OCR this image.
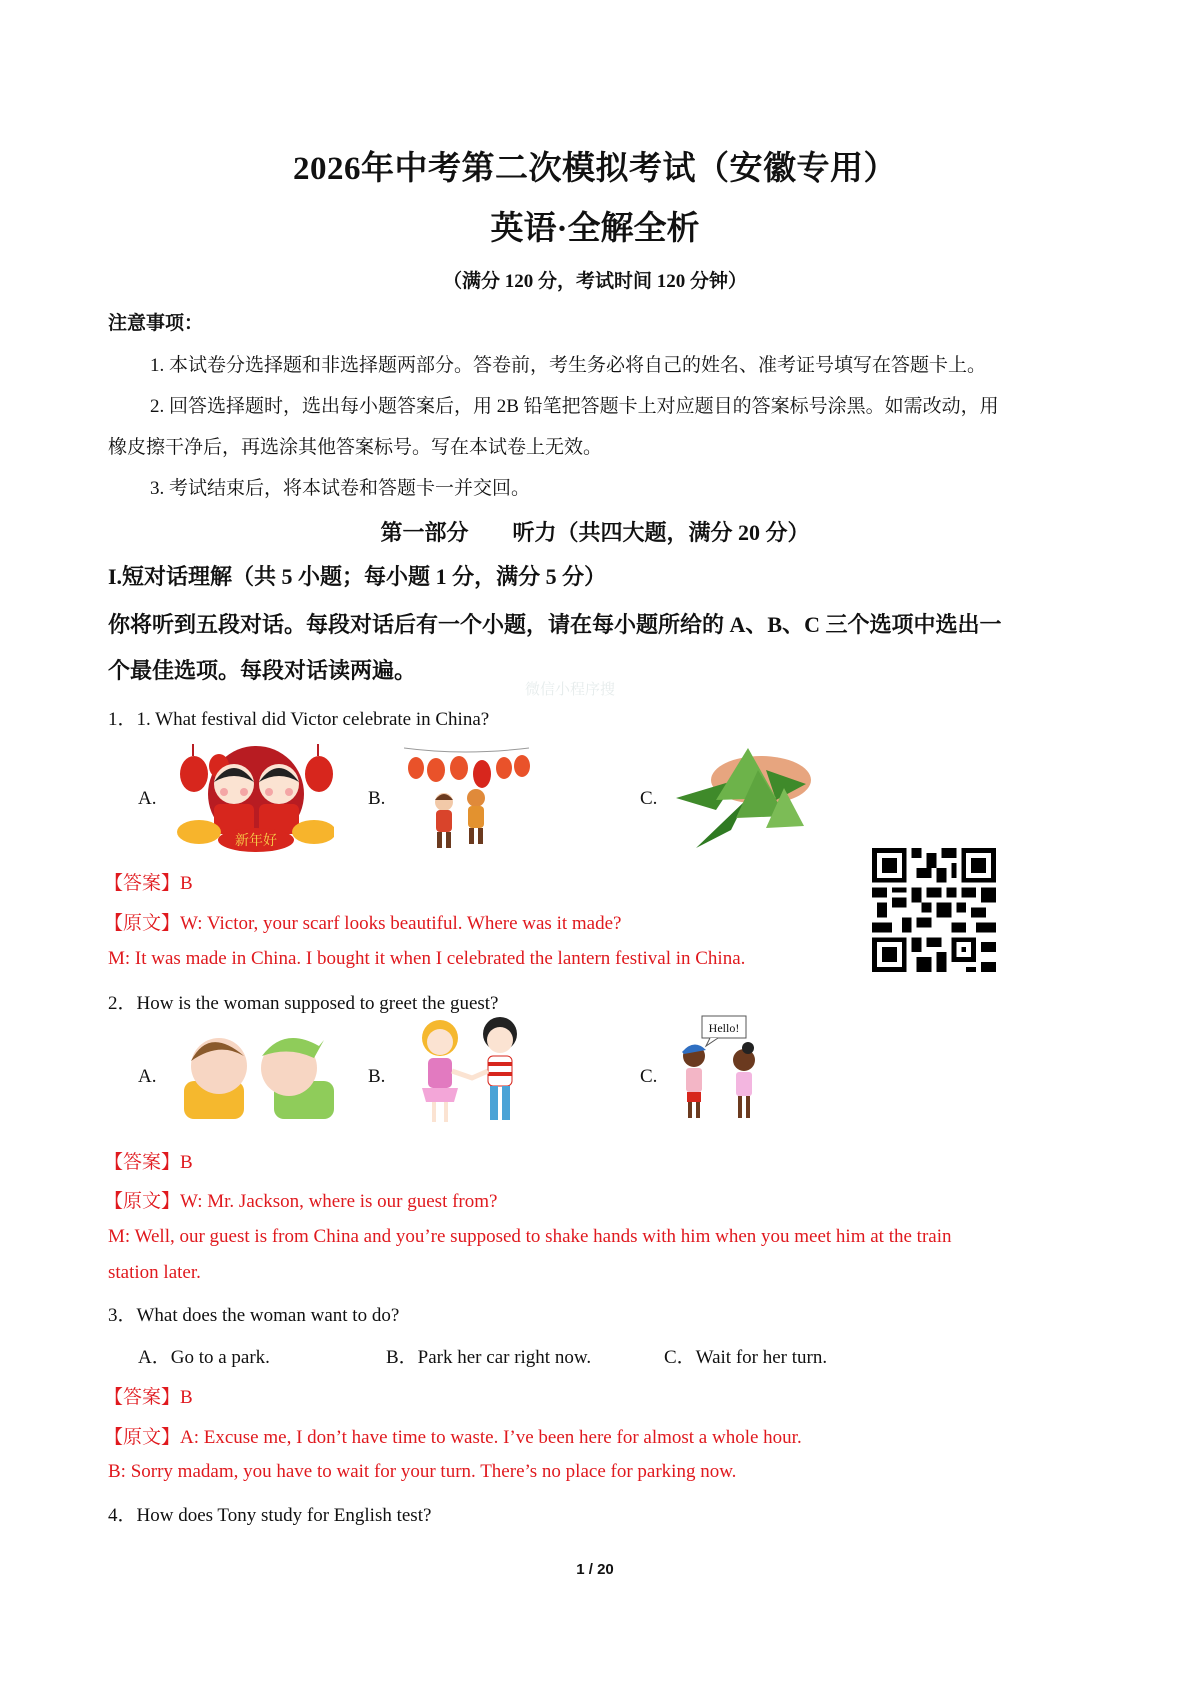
2026年中考第二次模拟考试（安徽专用）
英语·全解全析
（满分 120 分，考试时间 120 分钟）
注意事项：
1. 本试卷分选择题和非选择题两部分。答卷前，考生务必将自己的姓名、准考证号填写在答题卡上。
2. 回答选择题时，选出每小题答案后，用 2B 铅笔把答题卡上对应题目的答案标号涂黑。如需改动，用
橡皮擦干净后，再选涂其他答案标号。写在本试卷上无效。
3. 考试结束后，将本试卷和答题卡一并交回。
第一部分　　听力（共四大题，满分 20 分）
I.短对话理解（共 5 小题；每小题 1 分，满分 5 分）
你将听到五段对话。每段对话后有一个小题，请在每小题所给的 A、B、C 三个选项中选出一
个最佳选项。每段对话读两遍。
微信小程序搜
1．1. What festival did Victor celebrate in China?
A.
新年好
B.	C.
【答案】B
【原文】W: Victor, your scarf looks beautiful. Where was it made?
M: It was made in China. I bought it when I celebrated the lantern festival in China.
2．How is the woman supposed to greet the guest?
A.	B.	C.
Hello!
【答案】B
【原文】W: Mr. Jackson, where is our guest from?
M: Well, our guest is from China and you’re supposed to shake hands with him when you meet him at the train
station later.
3．What does the woman want to do?
A．Go to a park.	B．Park her car right now.	C．Wait for her turn.
【答案】B
【原文】A: Excuse me, I don’t have time to waste. I’ve been here for almost a whole hour.
B: Sorry madam, you have to wait for your turn. There’s no place for parking now.
4．How does Tony study for English test?
1 / 20
